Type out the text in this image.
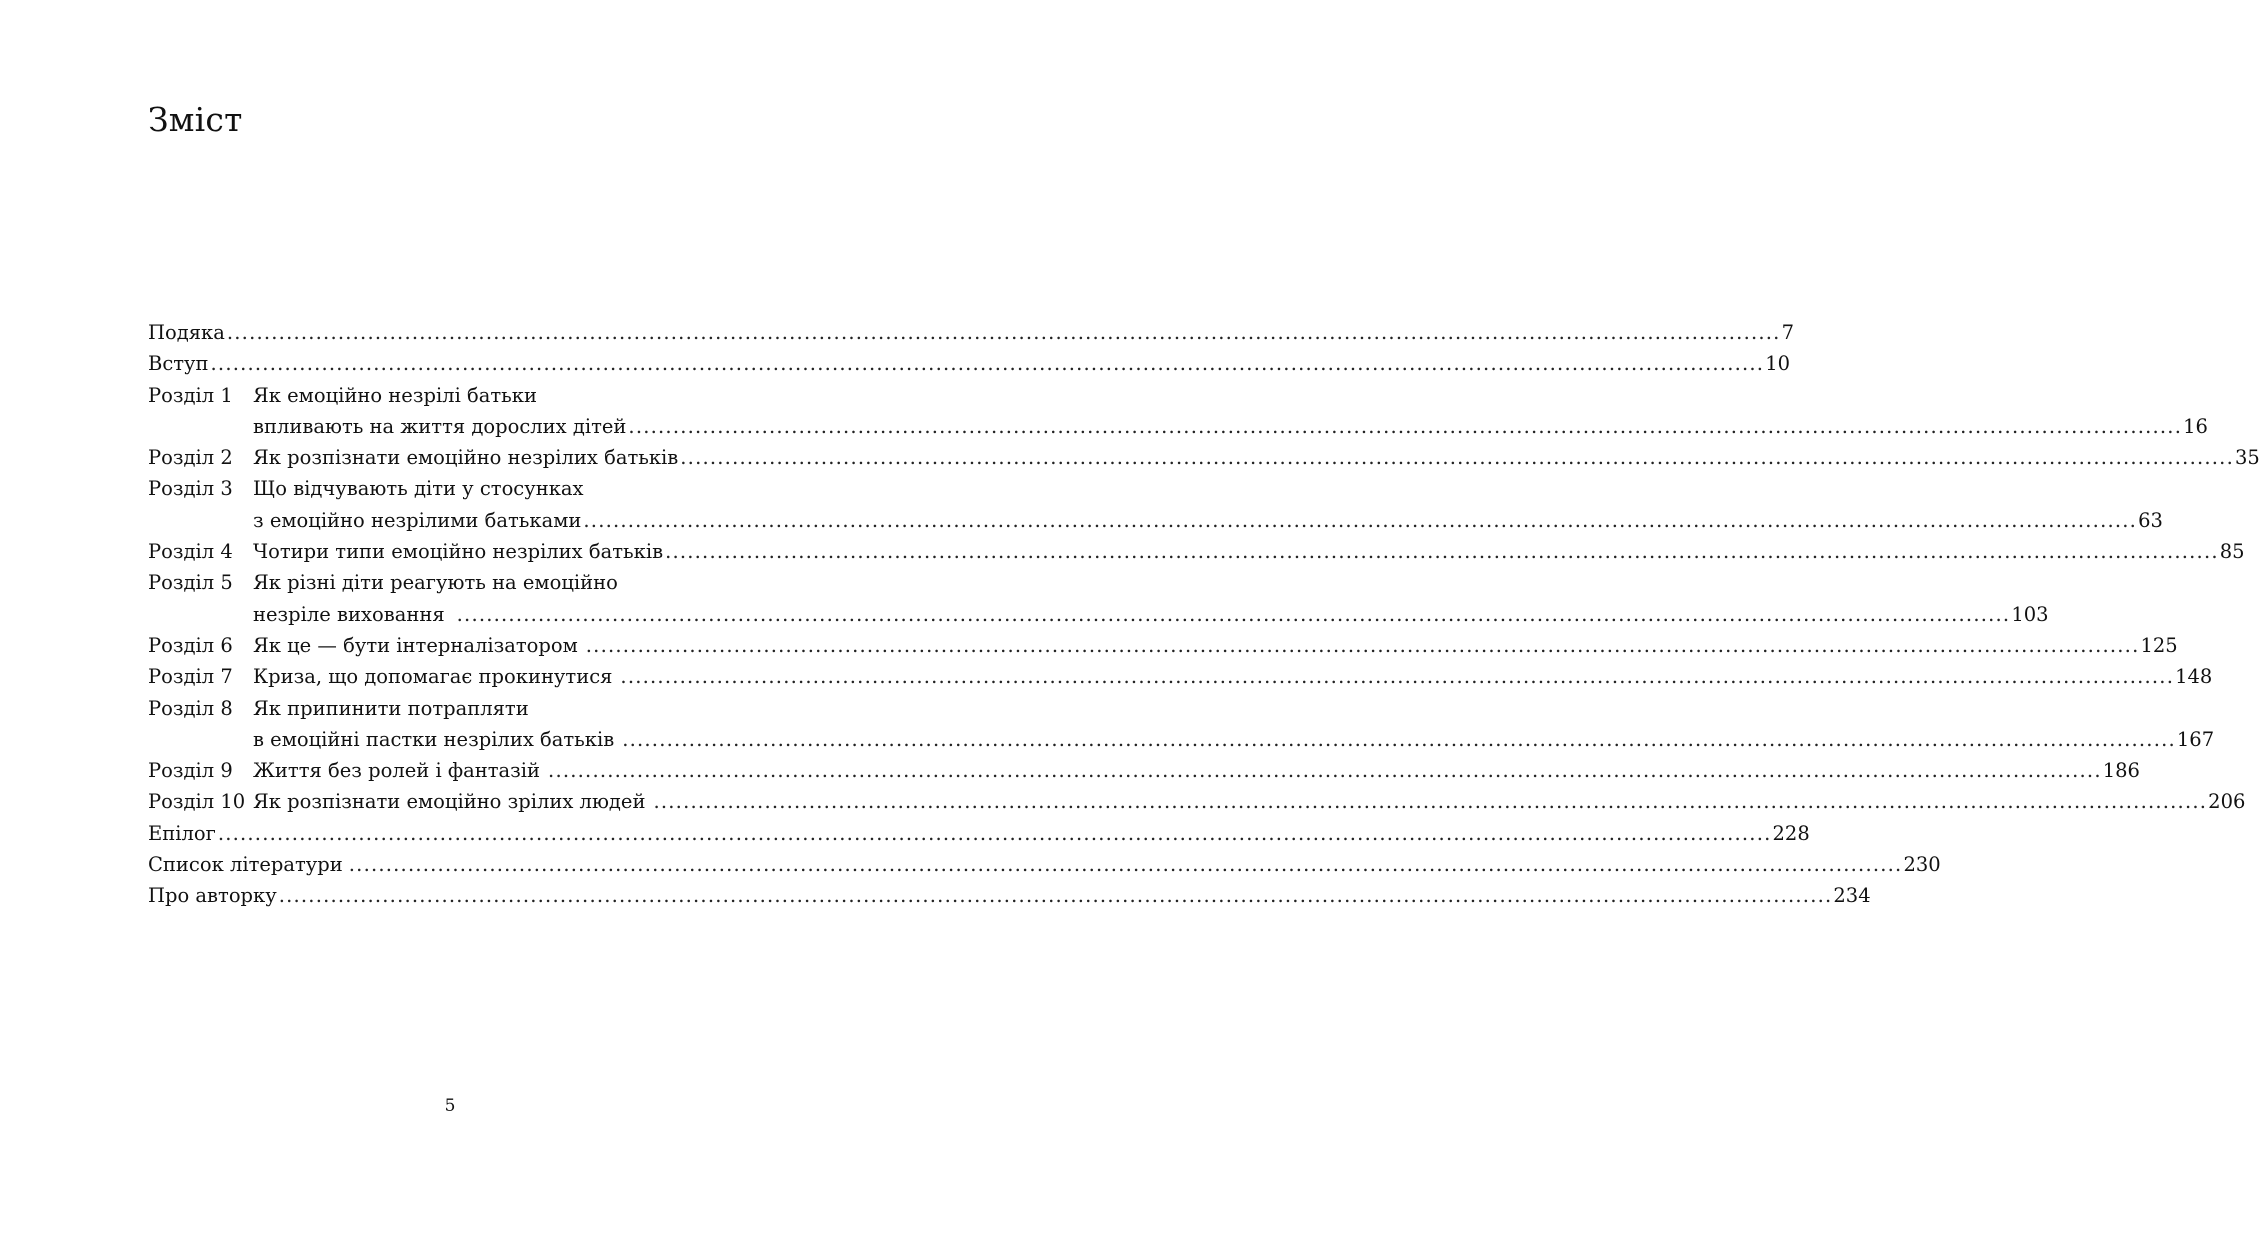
Зміст
Подяка .....	7
Вступ .....	10
Розділ 1	Як емоційно незрілі батьки
впливають на життя дорослих дітей .....	16
Розділ 2	Як розпізнати емоційно незрілих батьків .....	35
Розділ 3	Що відчувають діти у стосунках
з емоційно незрілими батьками .....	63
Розділ 4	Чотири типи емоційно незрілих батьків .....	85
Розділ 5	Як різні діти реагують на емоційно
незріле виховання .....	103
Розділ 6	Як це — бути інтерналізатором .....	125
Розділ 7	Криза, що допомагає прокинутися .....	148
Розділ 8	Як припинити потрапляти
в емоційні пастки незрілих батьків .....	167
Розділ 9	Життя без ролей і фантазій .....	186
Розділ 10 Як розпізнати емоційно зрілих людей .....	206
Епілог .....	228
Список літератури .....	230
Про авторку .....	234
5
